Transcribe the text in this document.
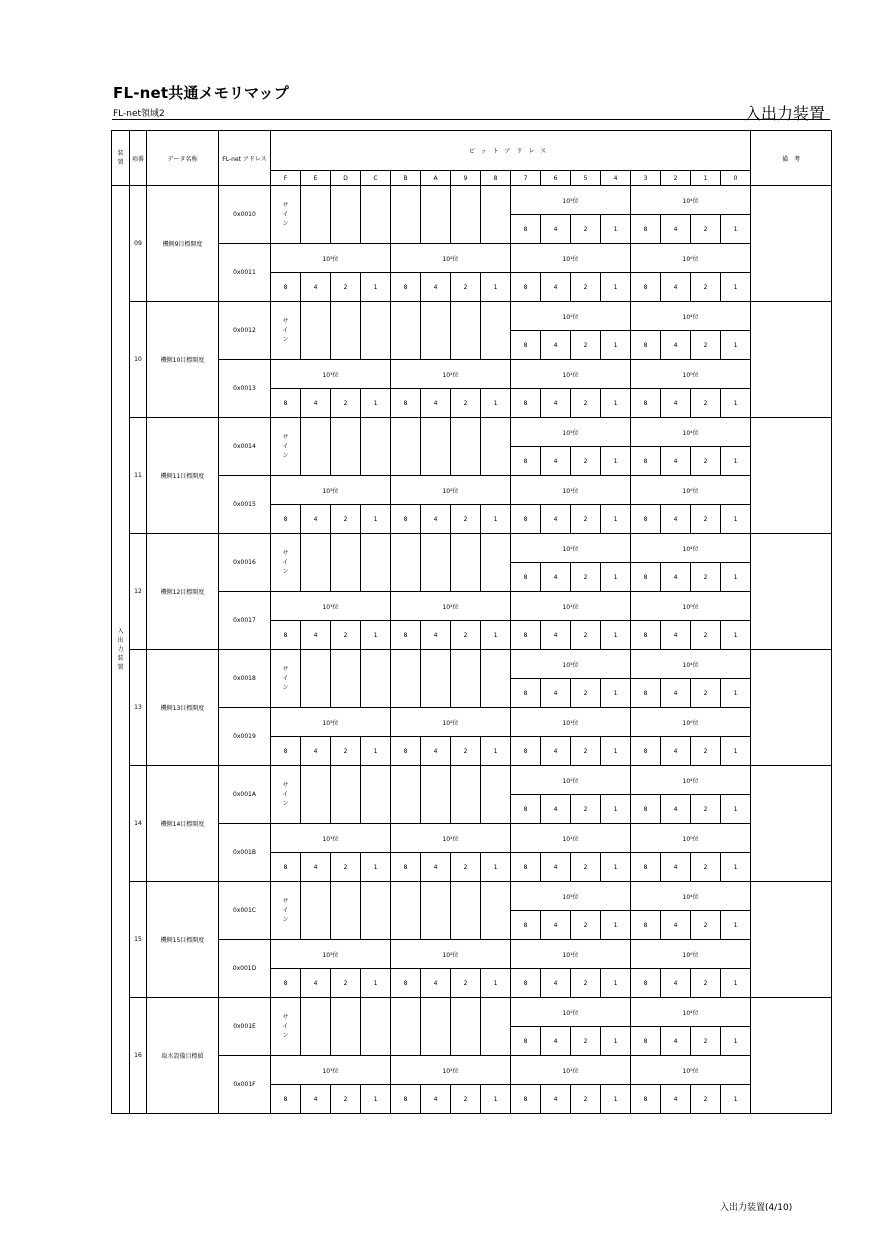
FL-net共通メモリマップ
FL-net領域2	入出力装置
装置	項番	データ名称	FL-net アドレス	ビットアドレス																備　考
				F	E	D	C	B	A	9	8	7	6	5	4	3	2	1	0	
入出力装置	09	機側9目標開度	0x0010	サイン								10⁵位				10⁴位				
												8	4	2	1	8	4	2	1	
			0x0011	10³位				10²位				10¹位				10⁰位				
				8	4	2	1	8	4	2	1	8	4	2	1	8	4	2	1	
	10	機側10目標開度	0x0012	サイン								10⁵位				10⁴位				
												8	4	2	1	8	4	2	1	
			0x0013	10³位				10²位				10¹位				10⁰位				
				8	4	2	1	8	4	2	1	8	4	2	1	8	4	2	1	
	11	機側11目標開度	0x0014	サイン								10⁵位				10⁴位				
												8	4	2	1	8	4	2	1	
			0x0015	10³位				10²位				10¹位				10⁰位				
				8	4	2	1	8	4	2	1	8	4	2	1	8	4	2	1	
	12	機側12目標開度	0x0016	サイン								10⁵位				10⁴位				
												8	4	2	1	8	4	2	1	
			0x0017	10³位				10²位				10¹位				10⁰位				
				8	4	2	1	8	4	2	1	8	4	2	1	8	4	2	1	
	13	機側13目標開度	0x0018	サイン								10⁵位				10⁴位				
												8	4	2	1	8	4	2	1	
			0x0019	10³位				10²位				10¹位				10⁰位				
				8	4	2	1	8	4	2	1	8	4	2	1	8	4	2	1	
	14	機側14目標開度	0x001A	サイン								10⁵位				10⁴位				
												8	4	2	1	8	4	2	1	
			0x001B	10³位				10²位				10¹位				10⁰位				
				8	4	2	1	8	4	2	1	8	4	2	1	8	4	2	1	
	15	機側15目標開度	0x001C	サイン								10⁵位				10⁴位				
												8	4	2	1	8	4	2	1	
			0x001D	10³位				10²位				10¹位				10⁰位				
				8	4	2	1	8	4	2	1	8	4	2	1	8	4	2	1	
	16	取水設備目標値	0x001E	サイン								10⁵位				10⁴位				
												8	4	2	1	8	4	2	1	
			0x001F	10³位				10²位				10¹位				10⁰位				
				8	4	2	1	8	4	2	1	8	4	2	1	8	4	2	1	
入出力装置(4/10)
